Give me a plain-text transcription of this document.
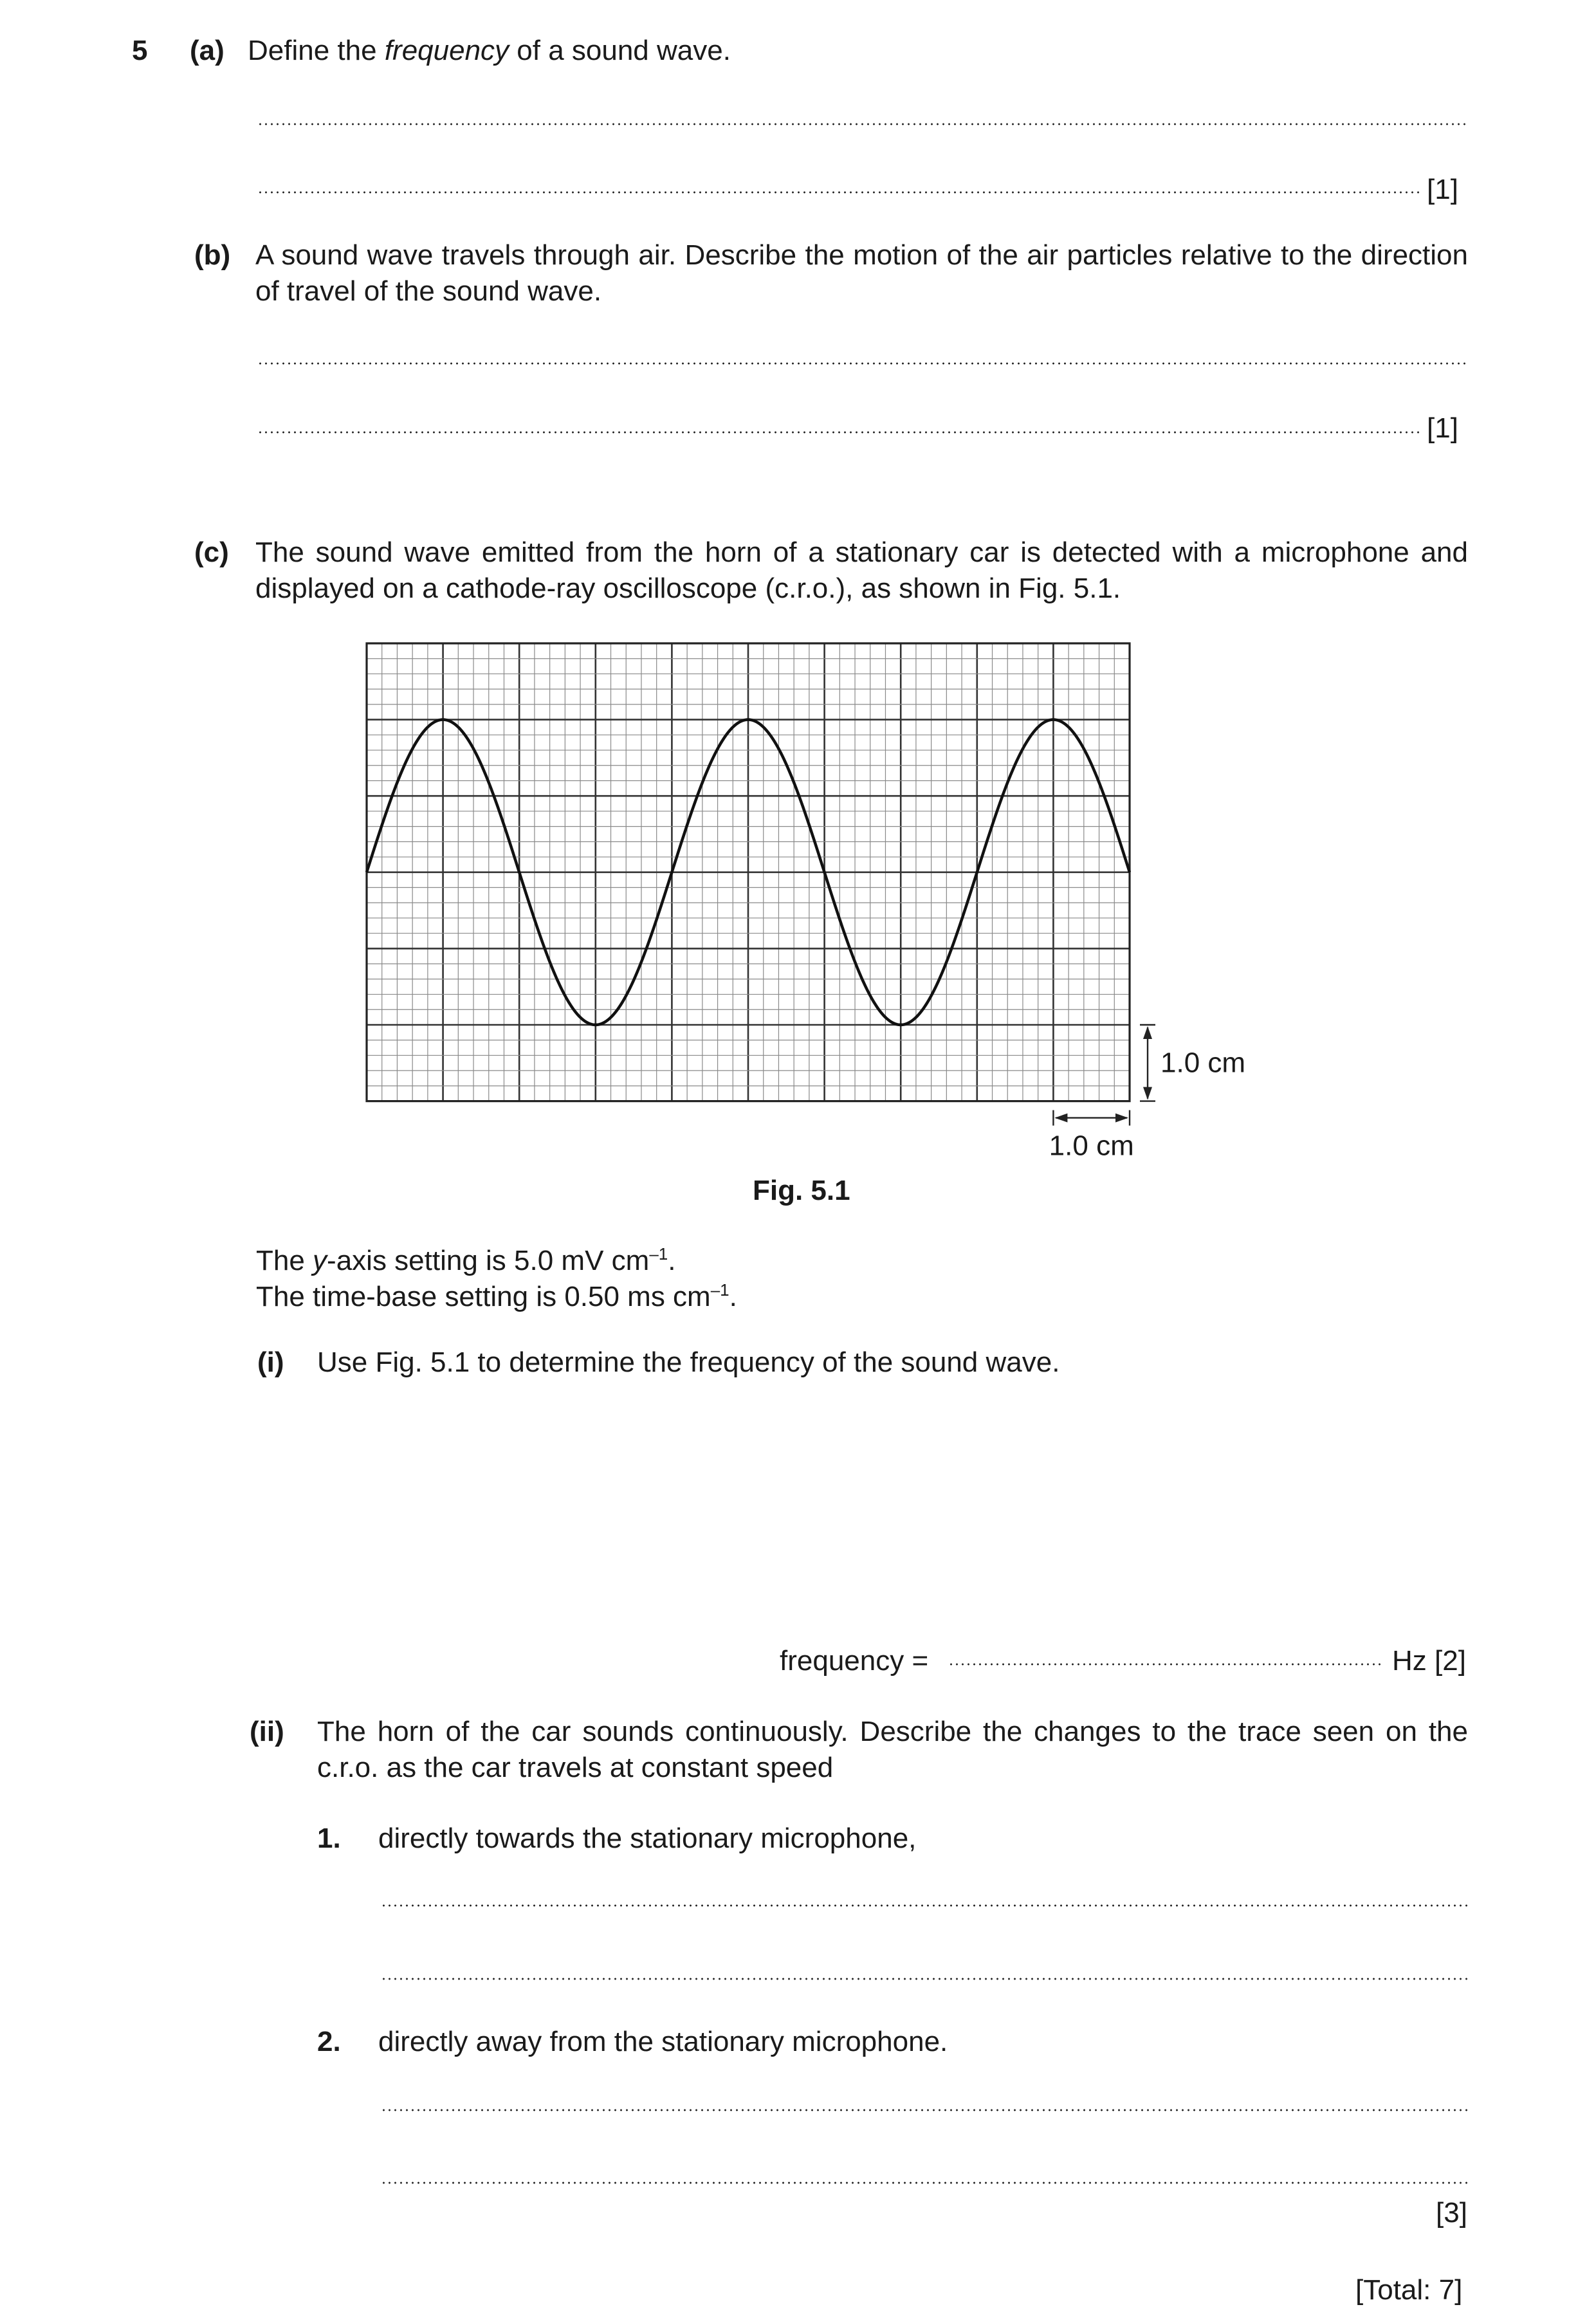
5 (a) Define the frequency of a sound wave.
[1]
(b) A sound wave travels through air. Describe the motion of the air particles relative to the direction of travel of the sound wave.
[1]
(c) The sound wave emitted from the horn of a stationary car is detected with a microphone and displayed on a cathode-ray oscilloscope (c.r.o.), as shown in Fig. 5.1.
1.0 cm
1.0 cm
Fig. 5.1
The y-axis setting is 5.0 mV $cm^{-1}$.
The time-base setting is 0.50 ms $cm^{-1}$.
(i) Use Fig. 5.1 to determine the frequency of the sound wave.
frequency =	Hz [2]
(ii) The horn of the car sounds continuously. Describe the changes to the trace seen on the c.r.o. as the car travels at constant speed
1. directly towards the stationary microphone,
2. directly away from the stationary microphone.
[3]
[Total: 7]
